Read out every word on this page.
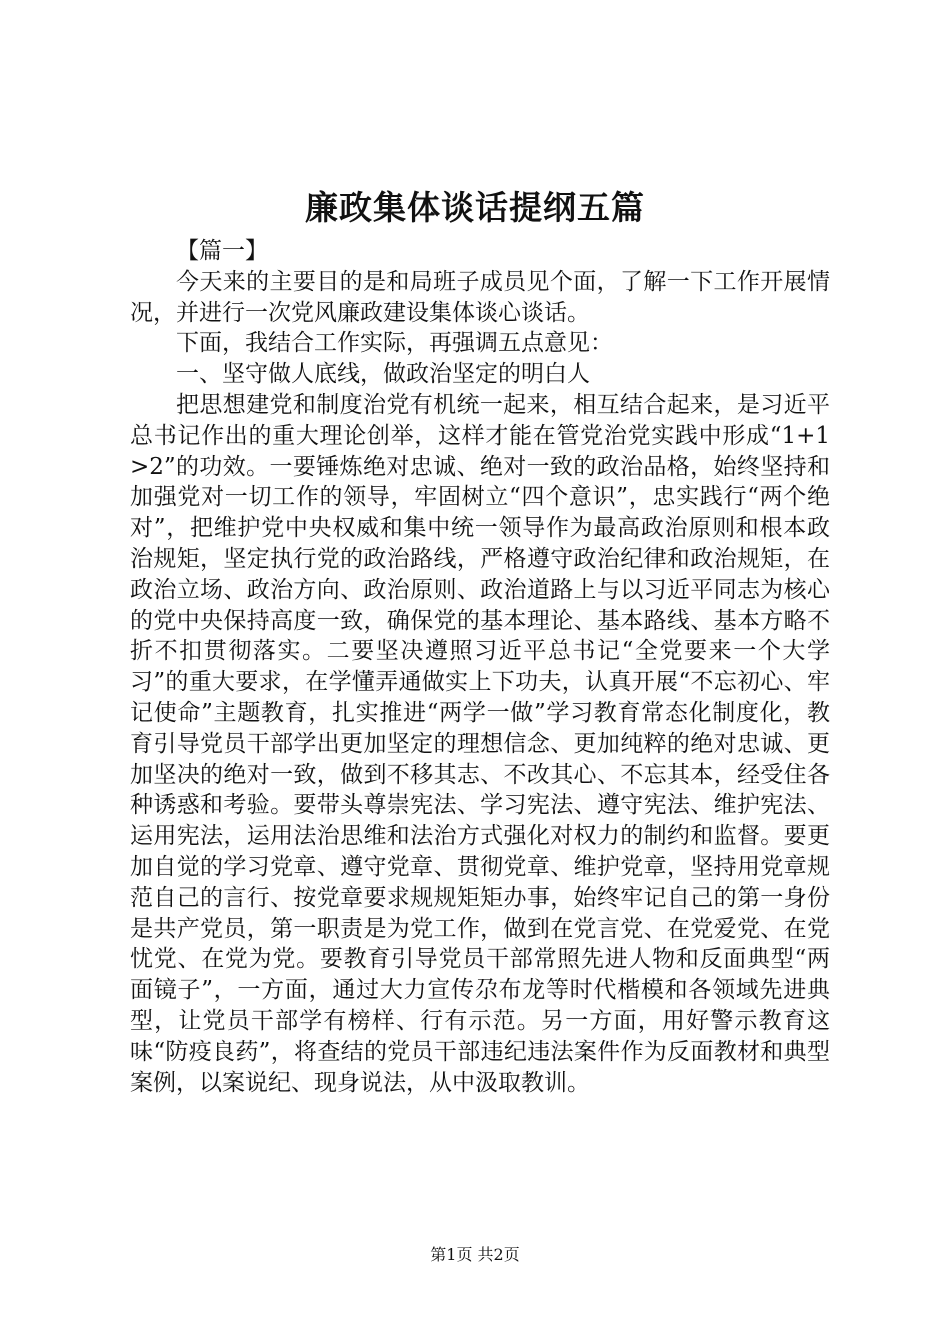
廉政集体谈话提纲五篇

【篇一】

今天来的主要目的是和局班子成员见个面，了解一下工作开展情况，并进行一次党风廉政建设集体谈心谈话。

下面，我结合工作实际，再强调五点意见：

一、坚守做人底线，做政治坚定的明白人

把思想建党和制度治党有机统一起来，相互结合起来，是习近平总书记作出的重大理论创举，这样才能在管党治党实践中形成“1+1>2”的功效。一要锤炼绝对忠诚、绝对一致的政治品格，始终坚持和加强党对一切工作的领导，牢固树立“四个意识”，忠实践行“两个绝对”，把维护党中央权威和集中统一领导作为最高政治原则和根本政治规矩，坚定执行党的政治路线，严格遵守政治纪律和政治规矩，在政治立场、政治方向、政治原则、政治道路上与以习近平同志为核心的党中央保持高度一致，确保党的基本理论、基本路线、基本方略不折不扣贯彻落实。二要坚决遵照习近平总书记“全党要来一个大学习”的重大要求，在学懂弄通做实上下功夫，认真开展“不忘初心、牢记使命”主题教育，扎实推进“两学一做”学习教育常态化制度化，教育引导党员干部学出更加坚定的理想信念、更加纯粹的绝对忠诚、更加坚决的绝对一致，做到不移其志、不改其心、不忘其本，经受住各种诱惑和考验。要带头尊崇宪法、学习宪法、遵守宪法、维护宪法、运用宪法，运用法治思维和法治方式强化对权力的制约和监督。要更加自觉的学习党章、遵守党章、贯彻党章、维护党章，坚持用党章规范自己的言行、按党章要求规规矩矩办事，始终牢记自己的第一身份是共产党员，第一职责是为党工作，做到在党言党、在党爱党、在党忧党、在党为党。要教育引导党员干部常照先进人物和反面典型“两面镜子”，一方面，通过大力宣传尕布龙等时代楷模和各领域先进典型，让党员干部学有榜样、行有示范。另一方面，用好警示教育这味“防疫良药”，将查结的党员干部违纪违法案件作为反面教材和典型案例，以案说纪、现身说法，从中汲取教训。

第1页 共2页
